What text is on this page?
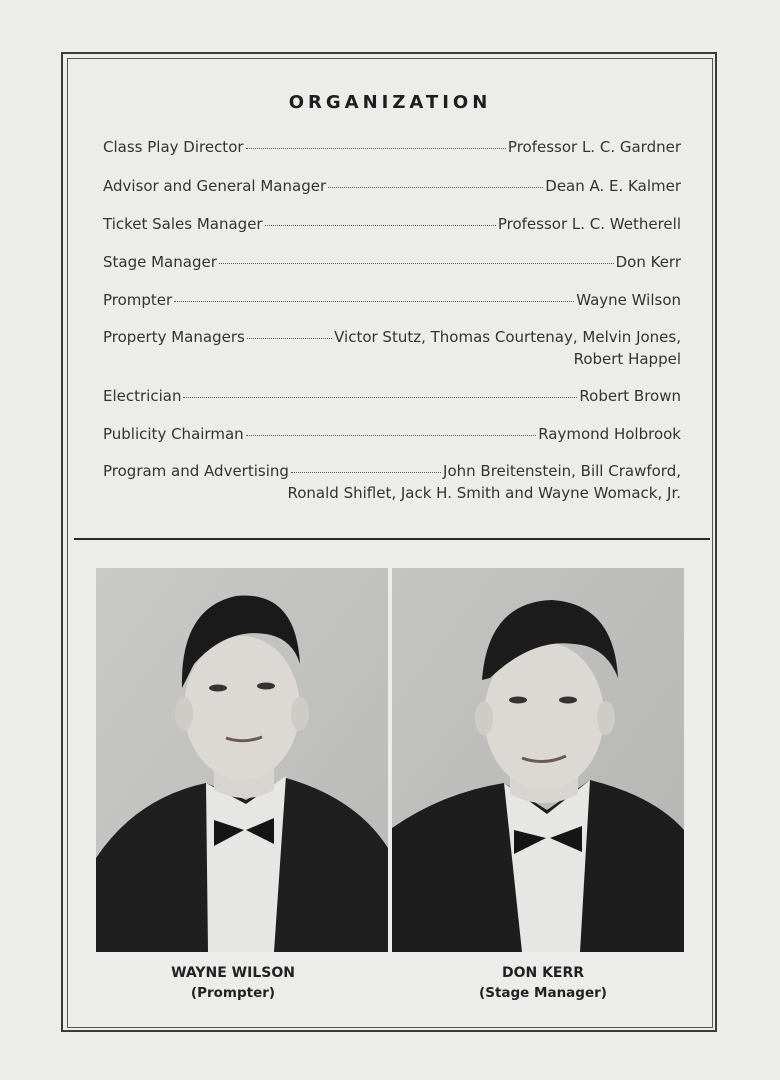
ORGANIZATION
Class Play Director	Professor L. C. Gardner
Advisor and General Manager	Dean A. E. Kalmer
Ticket Sales Manager	Professor L. C. Wetherell
Stage Manager	Don Kerr
Prompter	Wayne Wilson
Property Managers	Victor Stutz, Thomas Courtenay, Melvin Jones,
Robert Happel
Electrician	Robert Brown
Publicity Chairman	Raymond Holbrook
Program and Advertising	John Breitenstein, Bill Crawford,
Ronald Shiflet, Jack H. Smith and Wayne Womack, Jr.
WAYNE WILSON
(Prompter)
DON KERR
(Stage Manager)
